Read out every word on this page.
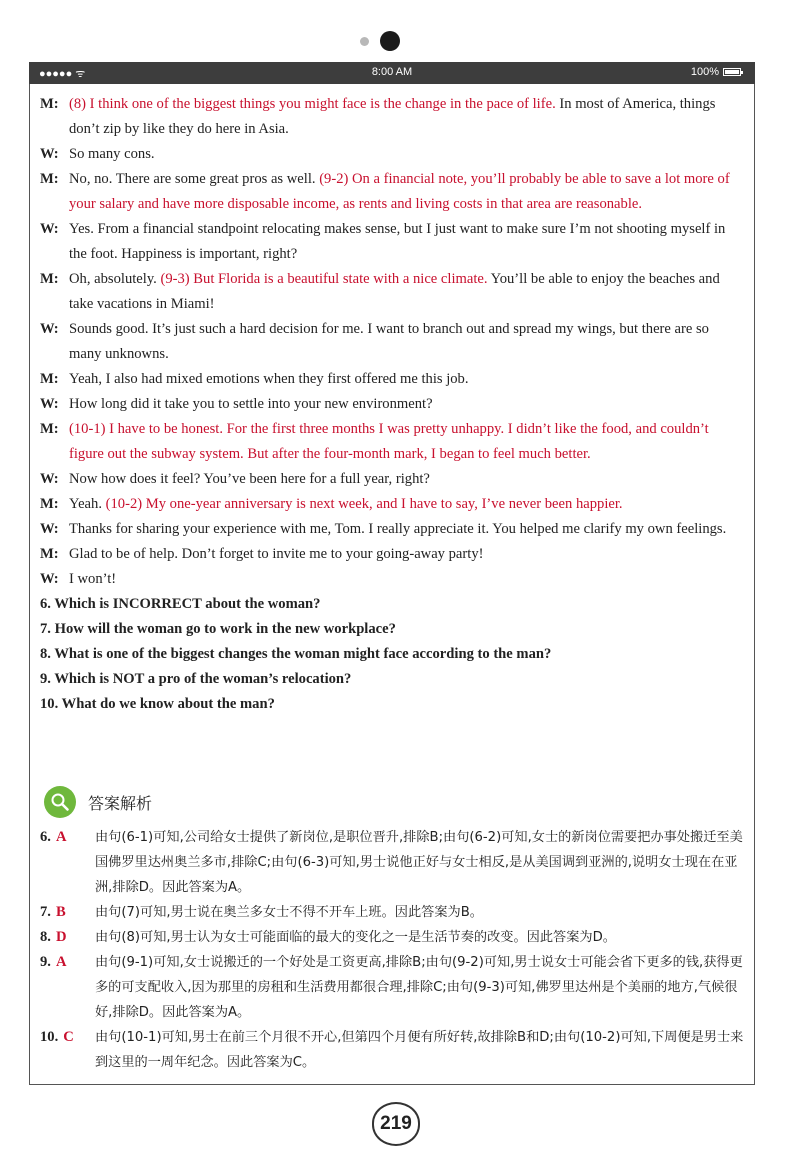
●●●●● ᯤ	8:00 AM	100%
M: (8) I think one of the biggest things you might face is the change in the pace of life. In most of America, things don’t zip by like they do here in Asia.
W: So many cons.
M: No, no. There are some great pros as well. (9-2) On a financial note, you’ll probably be able to save a lot more of your salary and have more disposable income, as rents and living costs in that area are reasonable.
W: Yes. From a financial standpoint relocating makes sense, but I just want to make sure I’m not shooting myself in the foot. Happiness is important, right?
M: Oh, absolutely. (9-3) But Florida is a beautiful state with a nice climate. You’ll be able to enjoy the beaches and take vacations in Miami!
W: Sounds good. It’s just such a hard decision for me. I want to branch out and spread my wings, but there are so many unknowns.
M: Yeah, I also had mixed emotions when they first offered me this job.
W: How long did it take you to settle into your new environment?
M: (10-1) I have to be honest. For the first three months I was pretty unhappy. I didn’t like the food, and couldn’t figure out the subway system. But after the four-month mark, I began to feel much better.
W: Now how does it feel? You’ve been here for a full year, right?
M: Yeah. (10-2) My one-year anniversary is next week, and I have to say, I’ve never been happier.
W: Thanks for sharing your experience with me, Tom. I really appreciate it. You helped me clarify my own feelings.
M: Glad to be of help. Don’t forget to invite me to your going-away party!
W: I won’t!
6. Which is INCORRECT about the woman?
7. How will the woman go to work in the new workplace?
8. What is one of the biggest changes the woman might face according to the man?
9. Which is NOT a pro of the woman’s relocation?
10. What do we know about the man?
答案解析
6. A 由句(6-1)可知,公司给女士提供了新岗位,是职位晋升,排除B;由句(6-2)可知,女士的新岗位需要把办事处搬迁至美国佛罗里达州奥兰多市,排除C;由句(6-3)可知,男士说他正好与女士相反,是从美国调到亚洲的,说明女士现在在亚洲,排除D。因此答案为A。
7. B 由句(7)可知,男士说在奥兰多女士不得不开车上班。因此答案为B。
8. D 由句(8)可知,男士认为女士可能面临的最大的变化之一是生活节奏的改变。因此答案为D。
9. A 由句(9-1)可知,女士说搬迁的一个好处是工资更高,排除B;由句(9-2)可知,男士说女士可能会省下更多的钱,获得更多的可支配收入,因为那里的房租和生活费用都很合理,排除C;由句(9-3)可知,佛罗里达州是个美丽的地方,气候很好,排除D。因此答案为A。
10. C 由句(10-1)可知,男士在前三个月很不开心,但第四个月便有所好转,故排除B和D;由句(10-2)可知,下周便是男士来到这里的一周年纪念。因此答案为C。
219
